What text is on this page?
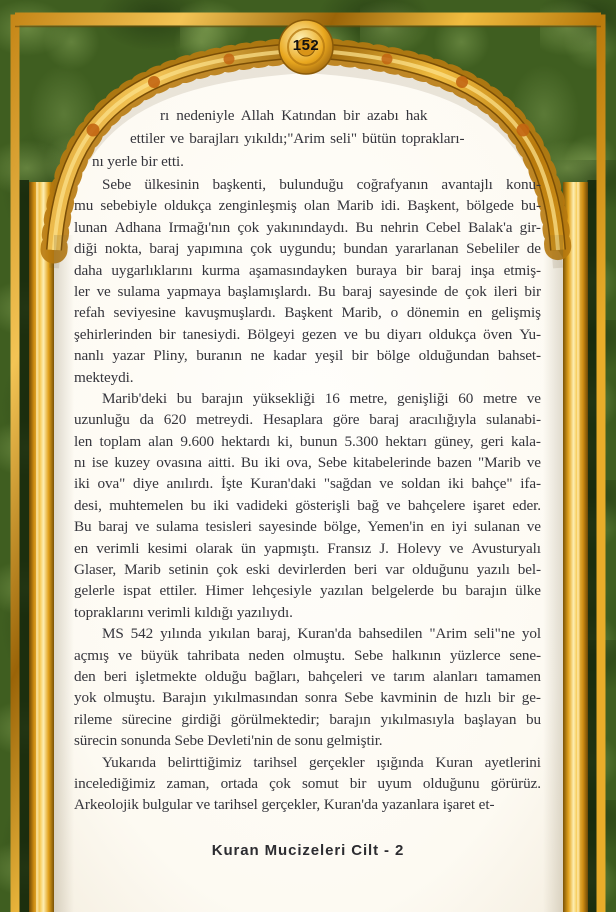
152
rı nedeniyle Allah Katından bir azabı hak
ettiler ve barajları yıkıldı;"Arim seli" bütün toprakları-
nı yerle bir etti.
Sebe ülkesinin başkenti, bulunduğu coğrafyanın avantajlı konu-
mu sebebiyle oldukça zenginleşmiş olan Marib idi. Başkent, bölgede bu-
lunan Adhana Irmağı'nın çok yakınındaydı. Bu nehrin Cebel Balak'a gir-
diği nokta, baraj yapımına çok uygundu; bundan yararlanan Sebeliler de
daha uygarlıklarını kurma aşamasındayken buraya bir baraj inşa etmiş-
ler ve sulama yapmaya başlamışlardı. Bu baraj sayesinde de çok ileri bir
refah seviyesine kavuşmuşlardı. Başkent Marib, o dönemin en gelişmiş
şehirlerinden bir tanesiydi. Bölgeyi gezen ve bu diyarı oldukça öven Yu-
nanlı yazar Pliny, buranın ne kadar yeşil bir bölge olduğundan bahset-
mekteydi.
Marib'deki bu barajın yüksekliği 16 metre, genişliği 60 metre ve
uzunluğu da 620 metreydi. Hesaplara göre baraj aracılığıyla sulanabi-
len toplam alan 9.600 hektardı ki, bunun 5.300 hektarı güney, geri kala-
nı ise kuzey ovasına aitti. Bu iki ova, Sebe kitabelerinde bazen "Marib ve
iki ova" diye anılırdı. İşte Kuran'daki "sağdan ve soldan iki bahçe" ifa-
desi, muhtemelen bu iki vadideki gösterişli bağ ve bahçelere işaret eder.
Bu baraj ve sulama tesisleri sayesinde bölge, Yemen'in en iyi sulanan ve
en verimli kesimi olarak ün yapmıştı. Fransız J. Holevy ve Avusturyalı
Glaser, Marib setinin çok eski devirlerden beri var olduğunu yazılı bel-
gelerle ispat ettiler. Himer lehçesiyle yazılan belgelerde bu barajın ülke
topraklarını verimli kıldığı yazılıydı.
MS 542 yılında yıkılan baraj, Kuran'da bahsedilen "Arim seli"ne yol
açmış ve büyük tahribata neden olmuştu. Sebe halkının yüzlerce sene-
den beri işletmekte olduğu bağları, bahçeleri ve tarım alanları tamamen
yok olmuştu. Barajın yıkılmasından sonra Sebe kavminin de hızlı bir ge-
rileme sürecine girdiği görülmektedir; barajın yıkılmasıyla başlayan bu
sürecin sonunda Sebe Devleti'nin de sonu gelmiştir.
Yukarıda belirttiğimiz tarihsel gerçekler ışığında Kuran ayetlerini
incelediğimiz zaman, ortada çok somut bir uyum olduğunu görürüz.
Arkeolojik bulgular ve tarihsel gerçekler, Kuran'da yazanlara işaret et-
Kuran Mucizeleri Cilt - 2
